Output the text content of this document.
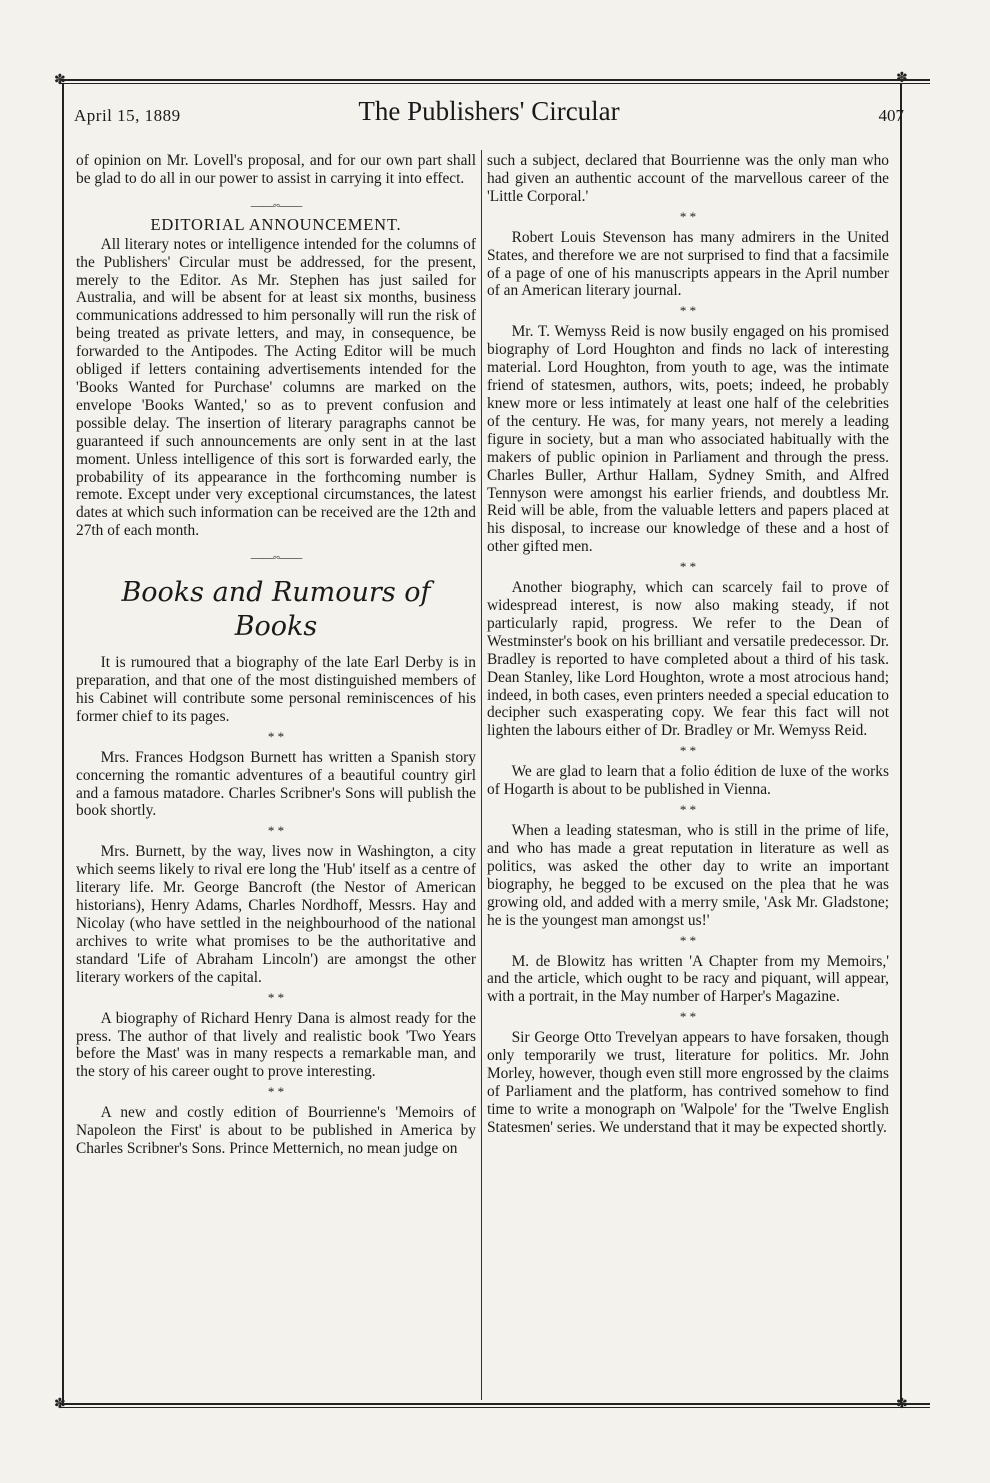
✽	✽
✽	✽
April 15, 1889	The Publishers' Circular	407

of opinion on Mr. Lovell's proposal, and for our own part shall be glad to do all in our power to assist in carrying it into effect.

——◦◦——
EDITORIAL ANNOUNCEMENT.

All literary notes or intelligence intended for the columns of the Publishers' Circular must be addressed, for the present, merely to the Editor. As Mr. Stephen has just sailed for Australia, and will be absent for at least six months, business communications addressed to him personally will run the risk of being treated as private letters, and may, in consequence, be forwarded to the Antipodes. The Acting Editor will be much obliged if letters containing advertisements intended for the 'Books Wanted for Purchase' columns are marked on the envelope 'Books Wanted,' so as to prevent confusion and possible delay. The insertion of literary paragraphs cannot be guaranteed if such announcements are only sent in at the last moment. Unless intelligence of this sort is forwarded early, the probability of its appearance in the forthcoming number is remote. Except under very exceptional circumstances, the latest dates at which such information can be received are the 12th and 27th of each month.

——◦◦——
Books and Rumours of
Books

It is rumoured that a biography of the late Earl Derby is in preparation, and that one of the most distinguished members of his Cabinet will contribute some personal reminiscences of his former chief to its pages.

* *

Mrs. Frances Hodgson Burnett has written a Spanish story concerning the romantic adventures of a beautiful country girl and a famous matadore. Charles Scribner's Sons will publish the book shortly.

* *

Mrs. Burnett, by the way, lives now in Washington, a city which seems likely to rival ere long the 'Hub' itself as a centre of literary life. Mr. George Bancroft (the Nestor of American historians), Henry Adams, Charles Nordhoff, Messrs. Hay and Nicolay (who have settled in the neighbourhood of the national archives to write what promises to be the authoritative and standard 'Life of Abraham Lincoln') are amongst the other literary workers of the capital.

* *

A biography of Richard Henry Dana is almost ready for the press. The author of that lively and realistic book 'Two Years before the Mast' was in many respects a remarkable man, and the story of his career ought to prove interesting.

* *

A new and costly edition of Bourrienne's 'Memoirs of Napoleon the First' is about to be published in America by Charles Scribner's Sons. Prince Metternich, no mean judge on

such a subject, declared that Bourrienne was the only man who had given an authentic account of the marvellous career of the 'Little Corporal.'

* *

Robert Louis Stevenson has many admirers in the United States, and therefore we are not surprised to find that a facsimile of a page of one of his manuscripts appears in the April number of an American literary journal.

* *

Mr. T. Wemyss Reid is now busily engaged on his promised biography of Lord Houghton and finds no lack of interesting material. Lord Houghton, from youth to age, was the intimate friend of statesmen, authors, wits, poets; indeed, he probably knew more or less intimately at least one half of the celebrities of the century. He was, for many years, not merely a leading figure in society, but a man who associated habitually with the makers of public opinion in Parliament and through the press. Charles Buller, Arthur Hallam, Sydney Smith, and Alfred Tennyson were amongst his earlier friends, and doubtless Mr. Reid will be able, from the valuable letters and papers placed at his disposal, to increase our knowledge of these and a host of other gifted men.

* *

Another biography, which can scarcely fail to prove of widespread interest, is now also making steady, if not particularly rapid, progress. We refer to the Dean of Westminster's book on his brilliant and versatile predecessor. Dr. Bradley is reported to have completed about a third of his task. Dean Stanley, like Lord Houghton, wrote a most atrocious hand; indeed, in both cases, even printers needed a special education to decipher such exasperating copy. We fear this fact will not lighten the labours either of Dr. Bradley or Mr. Wemyss Reid.

* *

We are glad to learn that a folio édition de luxe of the works of Hogarth is about to be published in Vienna.

* *

When a leading statesman, who is still in the prime of life, and who has made a great reputation in literature as well as politics, was asked the other day to write an important biography, he begged to be excused on the plea that he was growing old, and added with a merry smile, 'Ask Mr. Gladstone; he is the youngest man amongst us!'

* *

M. de Blowitz has written 'A Chapter from my Memoirs,' and the article, which ought to be racy and piquant, will appear, with a portrait, in the May number of Harper's Magazine.

* *

Sir George Otto Trevelyan appears to have forsaken, though only temporarily we trust, literature for politics. Mr. John Morley, however, though even still more engrossed by the claims of Parliament and the platform, has contrived somehow to find time to write a monograph on 'Walpole' for the 'Twelve English Statesmen' series. We understand that it may be expected shortly.
